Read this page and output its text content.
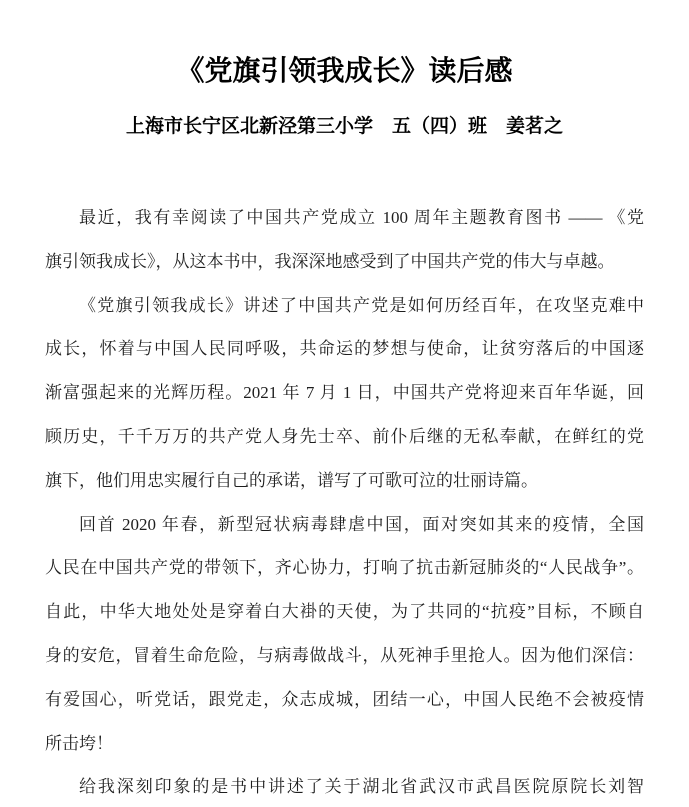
《党旗引领我成长》读后感
上海市长宁区北新泾第三小学　五（四）班　姜茗之
最近，我有幸阅读了中国共产党成立 100 周年主题教育图书 —— 《党
旗引领我成长》，从这本书中，我深深地感受到了中国共产党的伟大与卓越。
《党旗引领我成长》讲述了中国共产党是如何历经百年，在攻坚克难中
成长，怀着与中国人民同呼吸，共命运的梦想与使命，让贫穷落后的中国逐
渐富强起来的光辉历程。2021 年 7 月 1 日，中国共产党将迎来百年华诞，回
顾历史，千千万万的共产党人身先士卒、前仆后继的无私奉献，在鲜红的党
旗下，他们用忠实履行自己的承诺，谱写了可歌可泣的壮丽诗篇。
回首 2020 年春，新型冠状病毒肆虐中国，面对突如其来的疫情，全国
人民在中国共产党的带领下，齐心协力，打响了抗击新冠肺炎的“人民战争”。
自此，中华大地处处是穿着白大褂的天使，为了共同的“抗疫”目标，不顾自
身的安危，冒着生命危险，与病毒做战斗，从死神手里抢人。因为他们深信：
有爱国心，听党话，跟党走，众志成城，团结一心，中国人民绝不会被疫情
所击垮！
给我深刻印象的是书中讲述了关于湖北省武汉市武昌医院原院长刘智
